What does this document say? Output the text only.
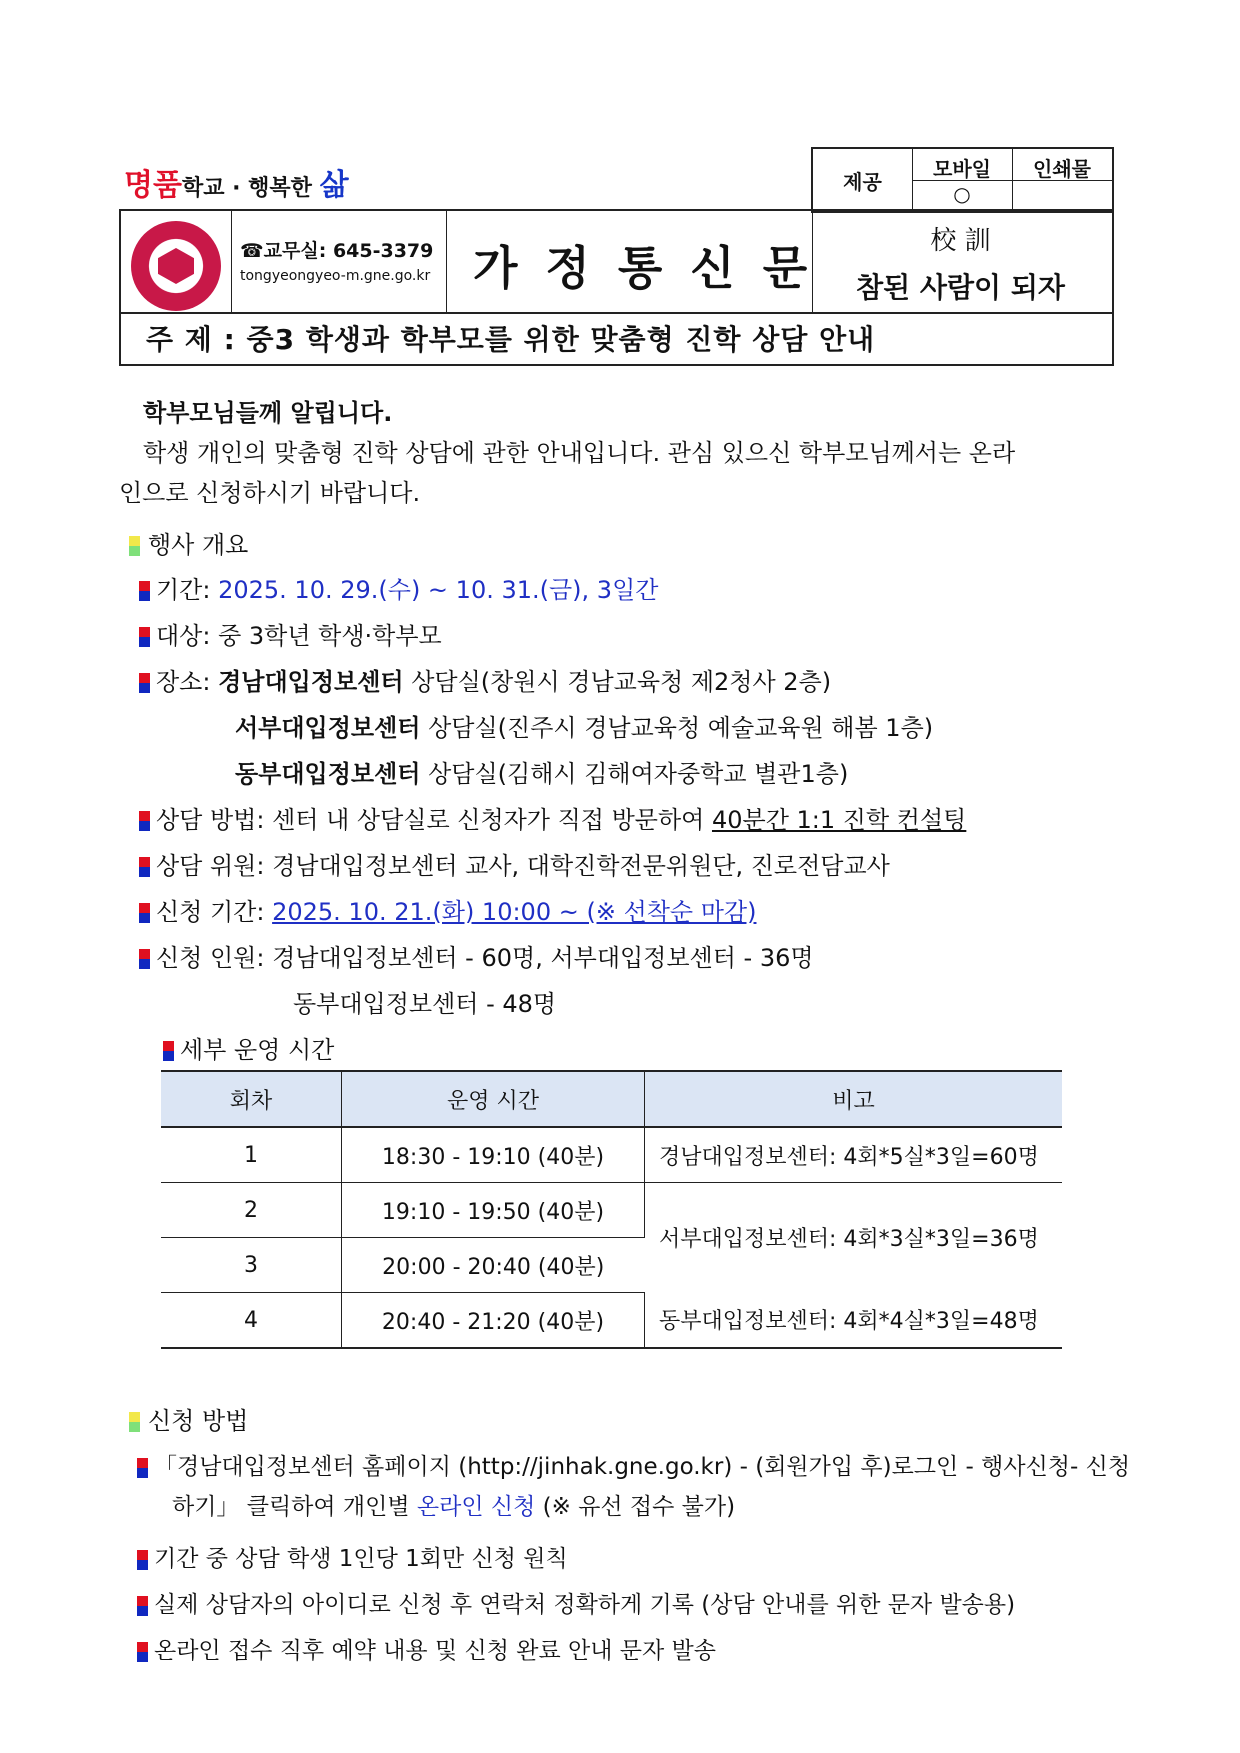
명품학교 · 행복한 삶	제공
모바일	인쇄물
○
☎교무실: 645-3379
tongyeongyeo-m.gne.go.kr 가정통신문	校 訓
참된 사람이 되자
주 제 : 중3 학생과 학부모를 위한 맞춤형 진학 상담 안내
학부모님들께 알립니다.
학생 개인의 맞춤형 진학 상담에 관한 안내입니다. 관심 있으신 학부모님께서는 온라
인으로 신청하시기 바랍니다.
행사 개요
기간: 2025. 10. 29.(수) ~ 10. 31.(금), 3일간
대상: 중 3학년 학생·학부모
장소: 경남대입정보센터 상담실(창원시 경남교육청 제2청사 2층)
서부대입정보센터 상담실(진주시 경남교육청 예술교육원 해봄 1층)
동부대입정보센터 상담실(김해시 김해여자중학교 별관1층)
상담 방법: 센터 내 상담실로 신청자가 직접 방문하여 40분간 1:1 진학 컨설팅
상담 위원: 경남대입정보센터 교사, 대학진학전문위원단, 진로전담교사
신청 기간: 2025. 10. 21.(화) 10:00 ~ (※ 선착순 마감)
신청 인원: 경남대입정보센터 - 60명, 서부대입정보센터 - 36명
동부대입정보센터 - 48명
세부 운영 시간
회차	운영 시간	비고
1	18:30 - 19:10 (40분)	경남대입정보센터: 4회*5실*3일=60명
2	19:10 - 19:50 (40분)	서부대입정보센터: 4회*3실*3일=36명
3	20:00 - 20:40 (40분)	
4	20:40 - 21:20 (40분)	동부대입정보센터: 4회*4실*3일=48명
신청 방법
「경남대입정보센터 홈페이지 (http://jinhak.gne.go.kr) - (회원가입 후)로그인 - 행사신청- 신청
하기」 클릭하여 개인별 온라인 신청 (※ 유선 접수 불가)
기간 중 상담 학생 1인당 1회만 신청 원칙
실제 상담자의 아이디로 신청 후 연락처 정확하게 기록 (상담 안내를 위한 문자 발송용)
온라인 접수 직후 예약 내용 및 신청 완료 안내 문자 발송
